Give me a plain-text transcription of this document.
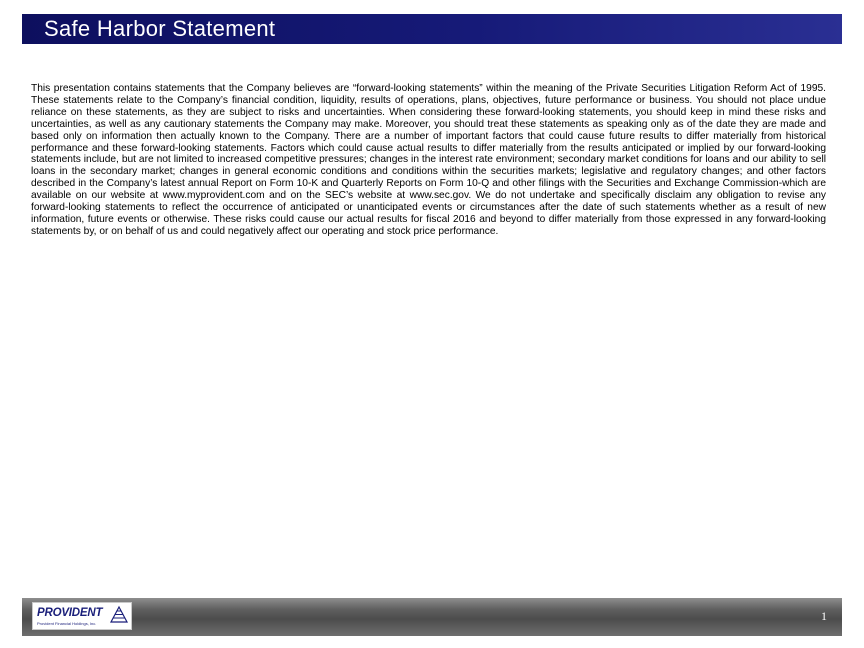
Safe Harbor Statement

This presentation contains statements that the Company believes are “forward-looking statements” within the meaning of the Private Securities Litigation Reform Act of 1995. These statements relate to the Company’s financial condition, liquidity, results of operations, plans, objectives, future performance or business. You should not place undue reliance on these statements, as they are subject to risks and uncertainties. When considering these forward-looking statements, you should keep in mind these risks and uncertainties, as well as any cautionary statements the Company may make. Moreover, you should treat these statements as speaking only as of the date they are made and based only on information then actually known to the Company. There are a number of important factors that could cause future results to differ materially from historical performance and these forward-looking statements. Factors which could cause actual results to differ materially from the results anticipated or implied by our forward-looking statements include, but are not limited to increased competitive pressures; changes in the interest rate environment; secondary market conditions for loans and our ability to sell loans in the secondary market; changes in general economic conditions and conditions within the securities markets; legislative and regulatory changes; and other factors described in the Company’s latest annual Report on Form 10-K and Quarterly Reports on Form 10-Q and other filings with the Securities and Exchange Commission-which are available on our website at www.myprovident.com and on the SEC’s website at www.sec.gov. We do not undertake and specifically disclaim any obligation to revise any forward-looking statements to reflect the occurrence of anticipated or unanticipated events or circumstances after the date of such statements whether as a result of new information, future events or otherwise. These risks could cause our actual results for fiscal 2016 and beyond to differ materially from those expressed in any forward-looking statements by, or on behalf of us and could negatively affect our operating and stock price performance.

PROVIDENT
Provident Financial Holdings, Inc.
1
